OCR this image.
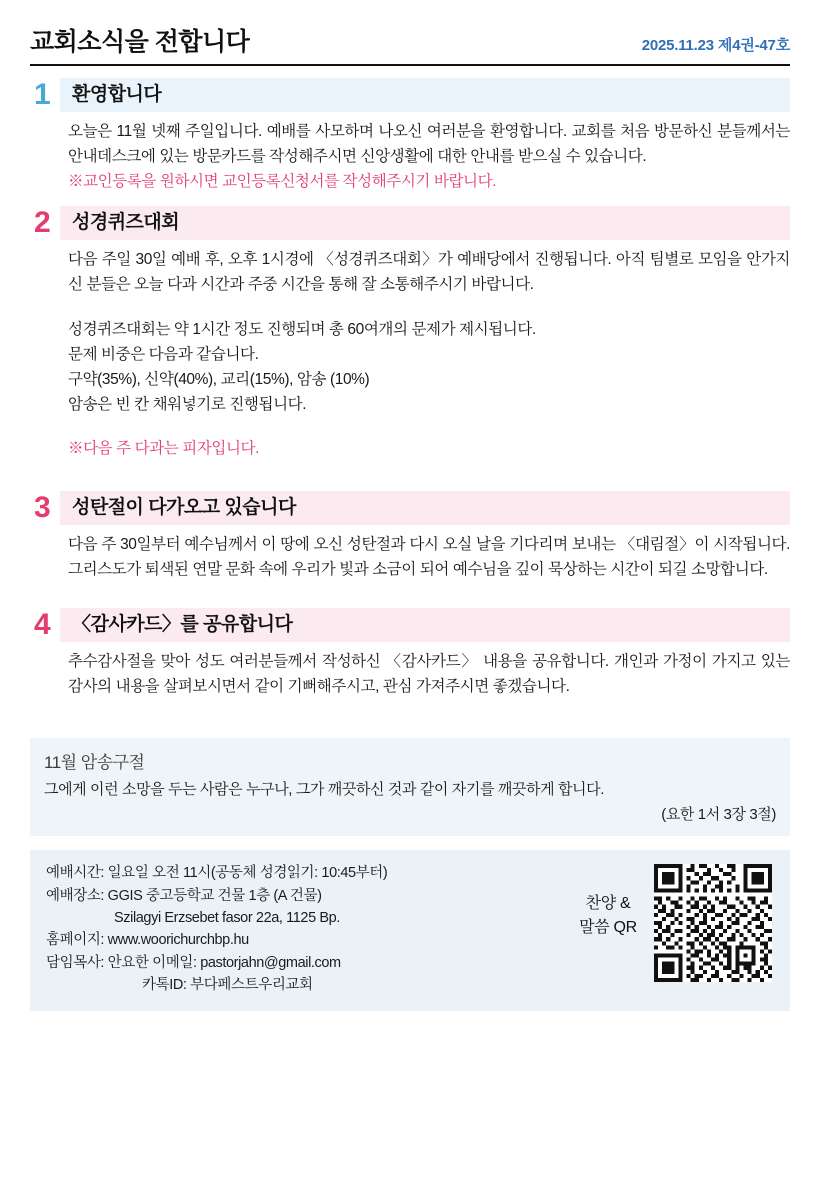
교회소식을 전합니다	2025.11.23 제4권-47호
1	환영합니다

오늘은 11월 넷째 주일입니다. 예배를 사모하며 나오신 여러분을 환영합니다. 교회를 처음 방문하신 분들께서는 안내데스크에 있는 방문카드를 작성해주시면 신앙생활에 대한 안내를 받으실 수 있습니다.

※교인등록을 원하시면 교인등록신청서를 작성해주시기 바랍니다.

2	성경퀴즈대회

다음 주일 30일 예배 후, 오후 1시경에 〈성경퀴즈대회〉가 예배당에서 진행됩니다. 아직 팀별로 모임을 안가지신 분들은 오늘 다과 시간과 주중 시간을 통해 잘 소통해주시기 바랍니다.

성경퀴즈대회는 약 1시간 정도 진행되며 총 60여개의 문제가 제시됩니다.

문제 비중은 다음과 같습니다.

구약(35%), 신약(40%), 교리(15%), 암송 (10%)

암송은 빈 칸 채워넣기로 진행됩니다.

※다음 주 다과는 피자입니다.

3	성탄절이 다가오고 있습니다

다음 주 30일부터 예수님께서 이 땅에 오신 성탄절과 다시 오실 날을 기다리며 보내는 〈대림절〉이 시작됩니다. 그리스도가 퇴색된 연말 문화 속에 우리가 빛과 소금이 되어 예수님을 깊이 묵상하는 시간이 되길 소망합니다.

4	〈감사카드〉를 공유합니다

추수감사절을 맞아 성도 여러분들께서 작성하신 〈감사카드〉 내용을 공유합니다. 개인과 가정이 가지고 있는 감사의 내용을 살펴보시면서 같이 기뻐해주시고, 관심 가져주시면 좋겠습니다.

11월 암송구절
그에게 이런 소망을 두는 사람은 누구나, 그가 깨끗하신 것과 같이 자기를 깨끗하게 합니다.
(요한 1서 3장 3절)
예배시간: 일요일 오전 11시(공동체 성경읽기: 10:45부터)
예배장소: GGIS 중고등학교 건물 1층 (A 건물)
Szilagyi Erzsebet fasor 22a, 1125 Bp.
홈페이지: www.woorichurchbp.hu
담임목사: 안요한 이메일: pastorjahn@gmail.com
카톡ID: 부다페스트우리교회
찬양 &
말씀 QR
